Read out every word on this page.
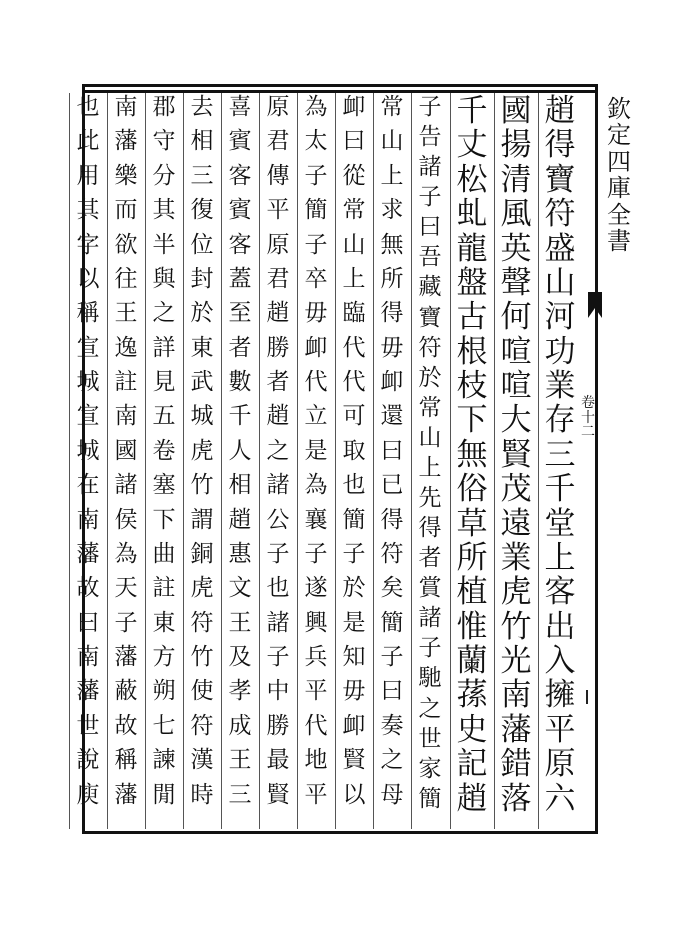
欽
定
四
庫
全
書
卷
十
二
趙
得
寶
符
盛
山
河
功
業
存
三
千
堂
上
客
出
入
擁
平
原
六
國
揚
清
風
英
聲
何
喧
喧
大
賢
茂
遠
業
虎
竹
光
南
藩
錯
落
千
丈
松
虬
龍
盤
古
根
枝
下
無
俗
草
所
植
惟
蘭
蓀
史
記
趙
子
告
諸
子
曰
吾
藏
寶
符
於
常
山
上
先
得
者
賞
諸
子
馳
之
世
家
簡
常
山
上
求
無
所
得
毋
卹
還
曰
已
得
符
矣
簡
子
曰
奏
之
母
卹
曰
從
常
山
上
臨
代
代
可
取
也
簡
子
於
是
知
毋
卹
賢
以
為
太
子
簡
子
卒
毋
卹
代
立
是
為
襄
子
遂
興
兵
平
代
地
平
原
君
傳
平
原
君
趙
勝
者
趙
之
諸
公
子
也
諸
子
中
勝
最
賢
喜
賓
客
賓
客
蓋
至
者
數
千
人
相
趙
惠
文
王
及
孝
成
王
三
去
相
三
復
位
封
於
東
武
城
虎
竹
謂
銅
虎
符
竹
使
符
漢
時
郡
守
分
其
半
與
之
詳
見
五
卷
塞
下
曲
註
東
方
朔
七
諫
閒
南
藩
樂
而
欲
往
王
逸
註
南
國
諸
侯
為
天
子
藩
蔽
故
稱
藩
也
此
用
其
字
以
稱
宣
城
宣
城
在
南
藩
故
曰
南
藩
世
說
庾
